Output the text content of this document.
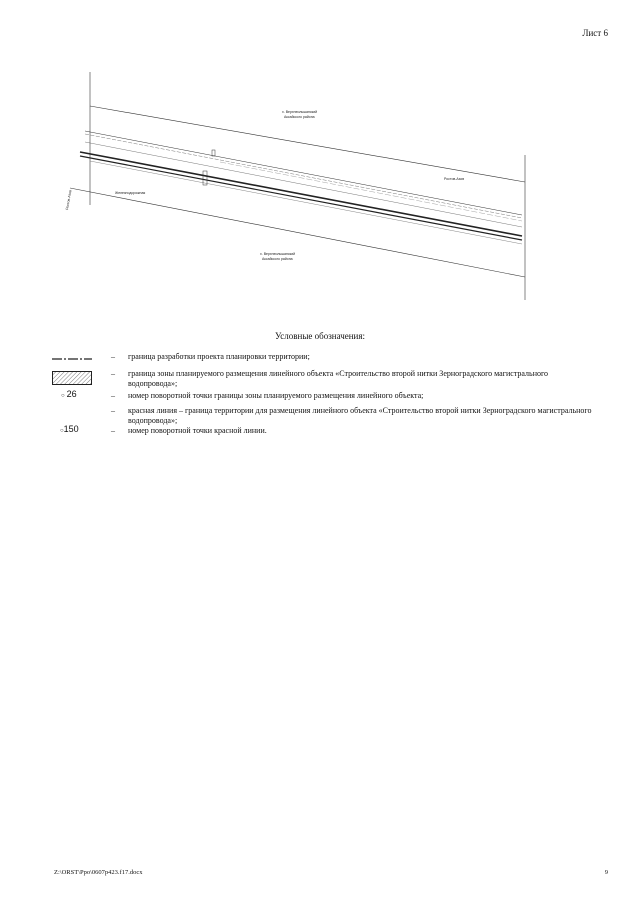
Лист 6
х. Верхнеольшанский
Аксайского района
Ростов-Азов
Железнодорожная
х. Верхнеольшанский
Аксайского района
Ростов-Азов
Условные обозначения:
– граница разработки проекта планировки территории;
– граница зоны планируемого размещения линейного объекта «Строительство второй нитки Зерноградского магистрального водопровода»;
○ 26	– номер поворотной точки границы зоны планируемого размещения линейного объекта;
– красная линия – граница территории для размещения линейного объекта «Строительство второй нитки Зерноградского магистрального водопровода»;
○150	– номер поворотной точки красной линии.
Z:\ORST\Ppo\0607p423.f17.docx	9
